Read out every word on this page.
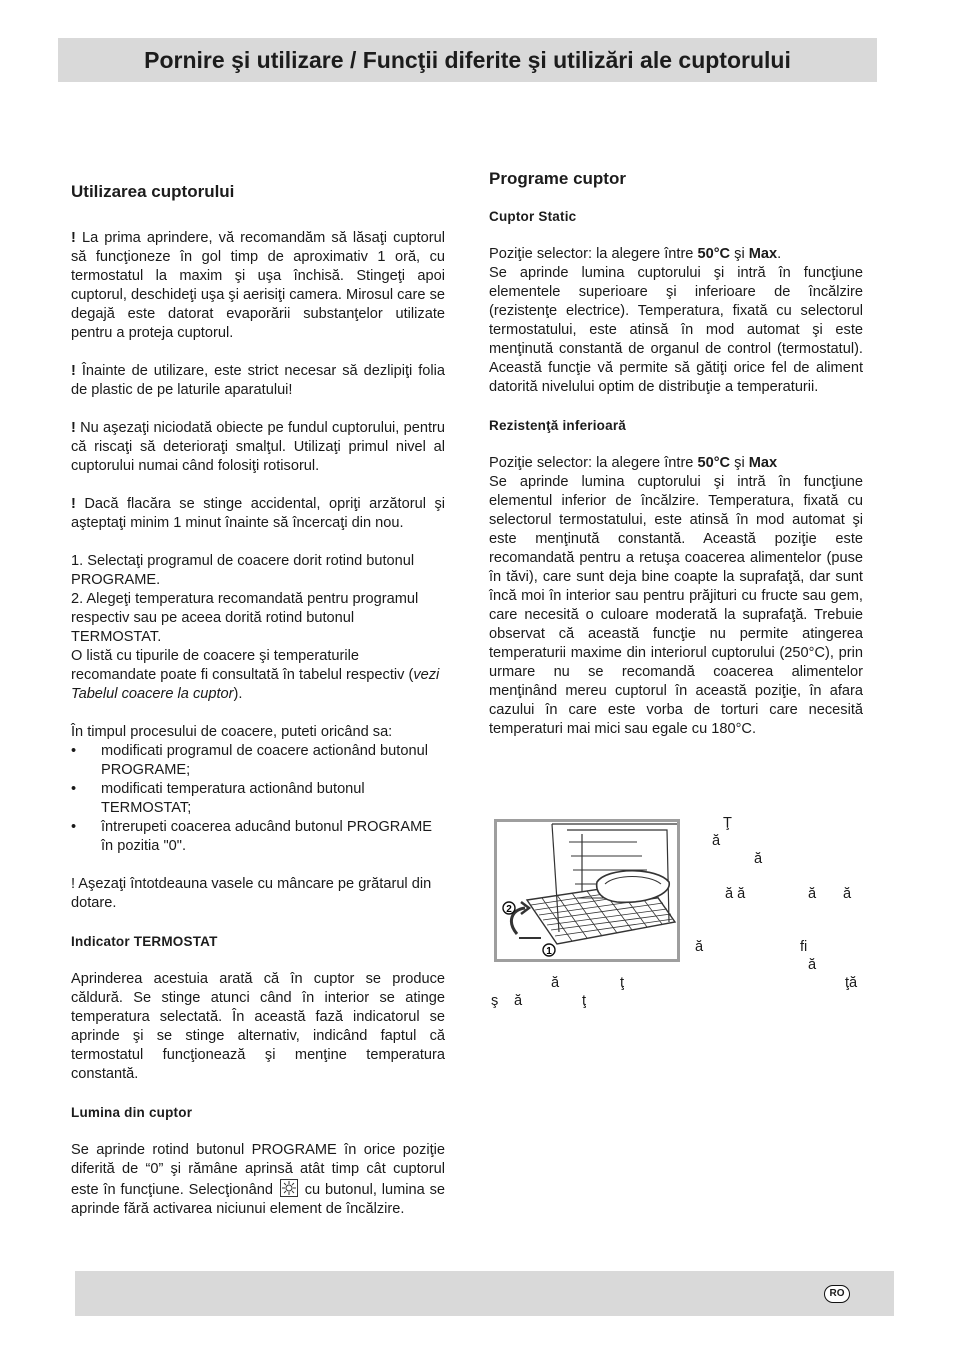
Pornire şi utilizare / Funcţii diferite şi utilizări ale cuptorului
Utilizarea cuptorului

! La prima aprindere, vă recomandăm să lăsaţi cuptorul să funcţioneze în gol timp de aproximativ 1 oră, cu termostatul la maxim şi uşa închisă. Stingeţi apoi cuptorul, deschideţi uşa şi aerisiţi camera. Mirosul care se degajă este datorat evaporării substanţelor utilizate pentru a proteja cuptorul.

! Înainte de utilizare, este strict necesar să dezlipiţi folia de plastic de pe laturile aparatului!

! Nu aşezaţi niciodată obiecte pe fundul cuptorului, pentru că riscaţi să deterioraţi smalţul. Utilizaţi primul nivel al cuptorului numai când folosiţi rotisorul.

! Dacă flacăra se stinge accidental, opriţi arzătorul şi aşteptaţi minim 1 minut înainte să încercaţi din nou.

1. Selectaţi programul de coacere dorit rotind butonul PROGRAME.

2. Alegeţi temperatura recomandată pentru programul respectiv sau pe aceea dorită rotind butonul TERMOSTAT.

O listă cu tipurile de coacere şi temperaturile recomandate poate fi consultată în tabelul respectiv (vezi Tabelul coacere la cuptor).

În timpul procesului de coacere, puteti oricând sa:

• modificati programul de coacere actionând butonul PROGRAME;
• modificati temperatura actionând butonul TERMOSTAT;
• întrerupeti coacerea aducând butonul PROGRAME în pozitia "0".

! Aşezaţi întotdeauna vasele cu mâncare pe grătarul din dotare.

Indicator TERMOSTAT

Aprinderea acestuia arată că în cuptor se produce căldură. Se stinge atunci când în interior se atinge temperatura selectată. În această fază indicatorul se aprinde şi se stinge alternativ, indicând faptul că termostatul funcţionează şi menţine temperatura constantă.

Lumina din cuptor

Se aprinde rotind butonul PROGRAME în orice poziţie diferită de “0” şi rămâne aprinsă atât timp cât cuptorul este în funcţiune. Selecţionând
cu butonul, lumina se aprinde fără activarea niciunui element de încălzire.

Programe cuptor
Cuptor Static

Poziţie selector: la alegere între 50°C şi Max.

Se aprinde lumina cuptorului şi intră în funcţiune elementele superioare şi inferioare de încălzire (rezistenţe electrice). Temperatura, fixată cu selectorul termostatului, este atinsă în mod automat şi este menţinută constantă de organul de control (termostatul). Această funcţie vă permite să gătiţi orice fel de aliment datorită nivelului optim de distribuţie a temperaturii.

Rezistenţă inferioară

Poziţie selector: la alegere între 50°C şi Max

Se aprinde lumina cuptorului şi intră în funcţiune elementul inferior de încălzire. Temperatura, fixată cu selectorul termostatului, este atinsă în mod automat şi este menţinută constantă. Această poziţie este recomandată pentru a retuşa coacerea alimentelor (puse în tăvi), care sunt deja bine coapte la suprafaţă, dar sunt încă moi în interior sau pentru prăjituri cu fructe sau gem, care necesită o culoare moderată la suprafaţă. Trebuie observat că această funcţie nu permite atingerea temperaturii maxime din interiorul cuptorului (250°C), prin urmare nu se recomandă coacerea alimentelor menţinând mereu cuptorul în această poziţie, în afara cazului în care este vorba de torturi care necesită temperaturi mai mici sau egale cu 180°C.

2
1
Ţ
ă
ă
ă ă	ă ă
ă	fi
ă
ă	ţ	ţă
ş ă	ţ
RO
